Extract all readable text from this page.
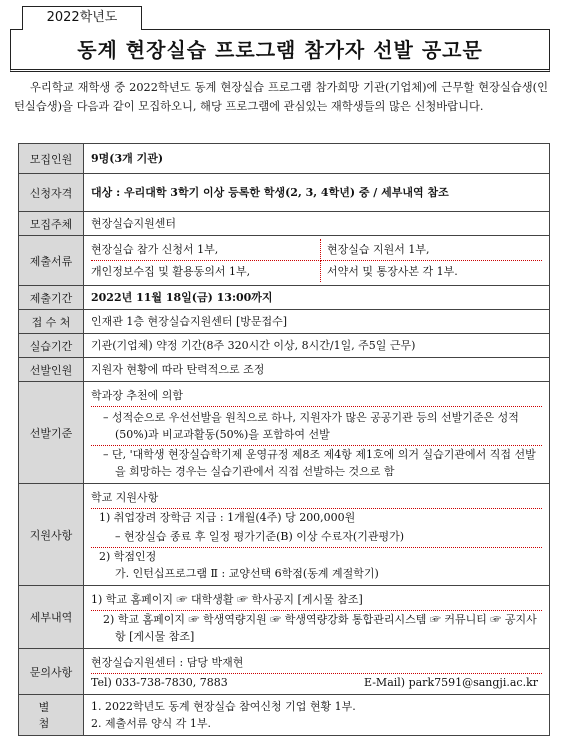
2022학년도
동계 현장실습 프로그램 참가자 선발 공고문

우리학교 재학생 중 2022학년도 동계 현장실습 프로그램 참가희망 기관(기업체)에 근무할 현장실습생(인턴실습생)을 다음과 같이 모집하오니, 해당 프로그램에 관심있는 재학생들의 많은 신청바랍니다.

모집인원	9명(3개 기관)
신청자격	대상 : 우리대학 3학기 이상 등록한 학생(2, 3, 4학년) 중 / 세부내역 참조
모집주체	현장실습지원센터
제출서류	현장실습 참가 신청서 1부, 현장실습 지원서 1부,
개인정보수집 및 활용동의서 1부, 서약서 및 통장사본 각 1부.

제출기간	2022년 11월 18일(금) 13:00까지
접 수 처	인재관 1층 현장실습지원센터 [방문접수]
실습기간	기관(기업체) 약정 기간(8주 320시간 이상, 8시간/1일, 주5일 근무)
선발인원	지원자 현황에 따라 탄력적으로 조정
선발기준	학과장 추천에 의함
– 성적순으로 우선선발을 원칙으로 하나, 지원자가 많은 공공기관 등의 선발기준은 성적(50%)과 비교과활동(50%)을 포함하여 선발
– 단, '대학생 현장실습학기제 운영규정 제8조 제4항 제1호에 의거 실습기관에서 직접 선발을 희망하는 경우는 실습기관에서 직접 선발하는 것으로 함

지원사항	학교 지원사항
1) 취업장려 장학금 지급 : 1개월(4주) 당 200,000원
– 현장실습 종료 후 일정 평가기준(B) 이상 수료자(기관평가)
2) 학점인정
가. 인턴십프로그램 Ⅱ : 교양선택 6학점(동계 계절학기)

세부내역	1) 학교 홈페이지 ☞ 대학생활 ☞ 학사공지 [게시물 참조]
2) 학교 홈페이지 ☞ 학생역량지원 ☞ 학생역량강화 통합관리시스템 ☞ 커뮤니티 ☞ 공지사항 [게시물 참조]

문의사항	현장실습지원센터 : 담당 박재현
Tel) 033-738-7830, 7883 E-Mail) park7591@sangji.ac.kr

별 첨	1. 2022학년도 동계 현장실습 참여신청 기업 현황 1부.
2. 제출서류 양식 각 1부.
